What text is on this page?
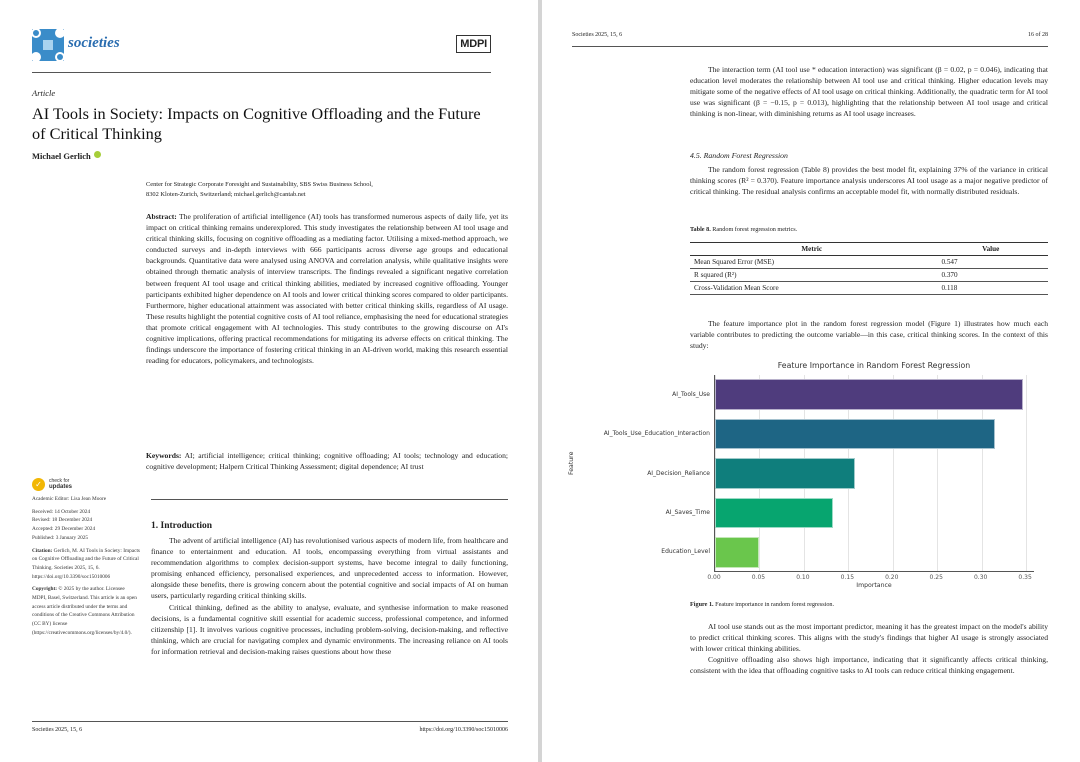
societies	MDPI
Article
AI Tools in Society: Impacts on Cognitive Offloading and the Future of Critical Thinking
Michael Gerlich
Center for Strategic Corporate Foresight and Sustainability, SBS Swiss Business School,
8302 Kloten-Zurich, Switzerland; michael.gerlich@cantab.net
Abstract: The proliferation of artificial intelligence (AI) tools has transformed numerous aspects of daily life, yet its impact on critical thinking remains underexplored. This study investigates the relationship between AI tool usage and critical thinking skills, focusing on cognitive offloading as a mediating factor. Utilising a mixed-method approach, we conducted surveys and in-depth interviews with 666 participants across diverse age groups and educational backgrounds. Quantitative data were analysed using ANOVA and correlation analysis, while qualitative insights were obtained through thematic analysis of interview transcripts. The findings revealed a significant negative correlation between frequent AI tool usage and critical thinking abilities, mediated by increased cognitive offloading. Younger participants exhibited higher dependence on AI tools and lower critical thinking scores compared to older participants. Furthermore, higher educational attainment was associated with better critical thinking skills, regardless of AI usage. These results highlight the potential cognitive costs of AI tool reliance, emphasising the need for educational strategies that promote critical engagement with AI technologies. This study contributes to the growing discourse on AI's cognitive implications, offering practical recommendations for mitigating its adverse effects on critical thinking. The findings underscore the importance of fostering critical thinking in an AI-driven world, making this research essential reading for educators, policymakers, and technologists.
Keywords: AI; artificial intelligence; critical thinking; cognitive offloading; AI tools; technology and education; cognitive development; Halpern Critical Thinking Assessment; digital dependence; AI trust
✓	check for
updates
Academic Editor: Lisa Jean Moore
Received: 14 October 2024
Revised: 18 December 2024
Accepted: 29 December 2024
Published: 3 January 2025
Citation: Gerlich, M. AI Tools in Society: Impacts on Cognitive Offloading and the Future of Critical Thinking. Societies 2025, 15, 6. https://doi.org/10.3390/soc15010006
Copyright: © 2025 by the author. Licensee MDPI, Basel, Switzerland. This article is an open access article distributed under the terms and conditions of the Creative Commons Attribution (CC BY) license (https://creativecommons.org/licenses/by/4.0/).
1. Introduction

The advent of artificial intelligence (AI) has revolutionised various aspects of modern life, from healthcare and finance to entertainment and education. AI tools, encompassing everything from virtual assistants and recommendation algorithms to complex decision-support systems, have become integral to daily functioning, promising enhanced efficiency, personalised experiences, and unprecedented access to information. However, alongside these benefits, there is growing concern about the potential cognitive and social impacts of AI on human users, particularly regarding critical thinking skills.

Critical thinking, defined as the ability to analyse, evaluate, and synthesise information to make reasoned decisions, is a fundamental cognitive skill essential for academic success, professional competence, and informed citizenship [1]. It involves various cognitive processes, including problem-solving, decision-making, and reflective thinking, which are crucial for navigating complex and dynamic environments. The increasing reliance on AI tools for information retrieval and decision-making raises questions about how these

Societies 2025, 15, 6	https://doi.org/10.3390/soc15010006
Societies 2025, 15, 6	16 of 28

The interaction term (AI tool use * education interaction) was significant (β = 0.02, p = 0.046), indicating that education level moderates the relationship between AI tool use and critical thinking. Higher education levels may mitigate some of the negative effects of AI tool usage on critical thinking. Additionally, the quadratic term for AI tool use was significant (β = −0.15, p = 0.013), highlighting that the relationship between AI tool usage and critical thinking is non-linear, with diminishing returns as AI tool usage increases.

4.5. Random Forest Regression

The random forest regression (Table 8) provides the best model fit, explaining 37% of the variance in critical thinking scores (R² = 0.370). Feature importance analysis underscores AI tool usage as a major negative predictor of critical thinking. The residual analysis confirms an acceptable model fit, with normally distributed residuals.

Table 8. Random forest regression metrics.
Metric	Value
Mean Squared Error (MSE)	0.547
R squared (R²)	0.370
Cross-Validation Mean Score	0.118

The feature importance plot in the random forest regression model (Figure 1) illustrates how much each variable contributes to predicting the outcome variable—in this case, critical thinking scores. In the context of this study:

Feature Importance in Random Forest Regression
Feature
AI_Tools_Use
AI_Tools_Use_Education_Interaction
AI_Decision_Reliance
AI_Saves_Time
Education_Level
0.00	0.05	0.10	0.15	0.20	0.25	0.30	0.35
Importance
Figure 1. Feature importance in random forest regression.

AI tool use stands out as the most important predictor, meaning it has the greatest impact on the model's ability to predict critical thinking scores. This aligns with the study's findings that higher AI usage is strongly associated with lower critical thinking abilities.

Cognitive offloading also shows high importance, indicating that it significantly affects critical thinking, consistent with the idea that offloading cognitive tasks to AI tools can reduce critical thinking engagement.
